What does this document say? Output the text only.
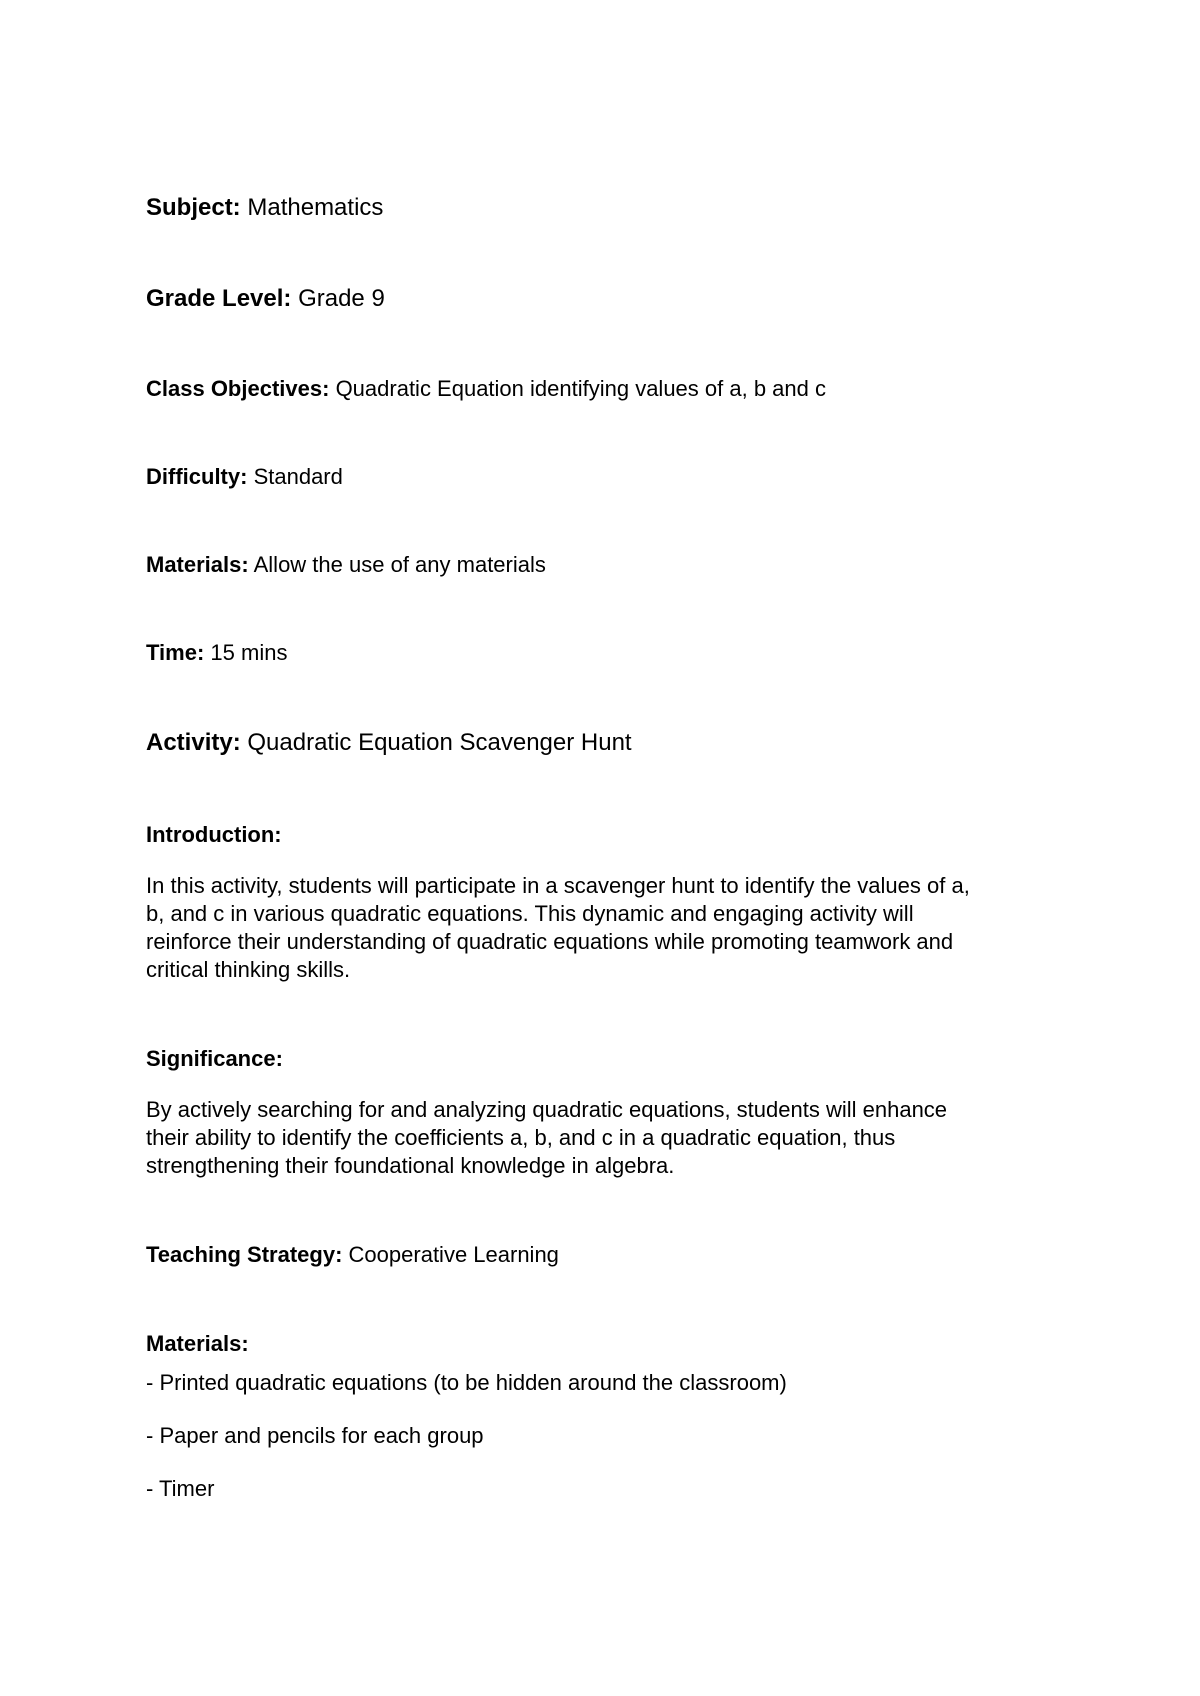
Subject: Mathematics
Grade Level: Grade 9
Class Objectives: Quadratic Equation identifying values of a, b and c
Difficulty: Standard
Materials: Allow the use of any materials
Time: 15 mins
Activity: Quadratic Equation Scavenger Hunt
Introduction:

In this activity, students will participate in a scavenger hunt to identify the values of a,
b, and c in various quadratic equations. This dynamic and engaging activity will
reinforce their understanding of quadratic equations while promoting teamwork and
critical thinking skills.

Significance:

By actively searching for and analyzing quadratic equations, students will enhance
their ability to identify the coefficients a, b, and c in a quadratic equation, thus
strengthening their foundational knowledge in algebra.

Teaching Strategy: Cooperative Learning
Materials:
- Printed quadratic equations (to be hidden around the classroom)
- Paper and pencils for each group
- Timer
